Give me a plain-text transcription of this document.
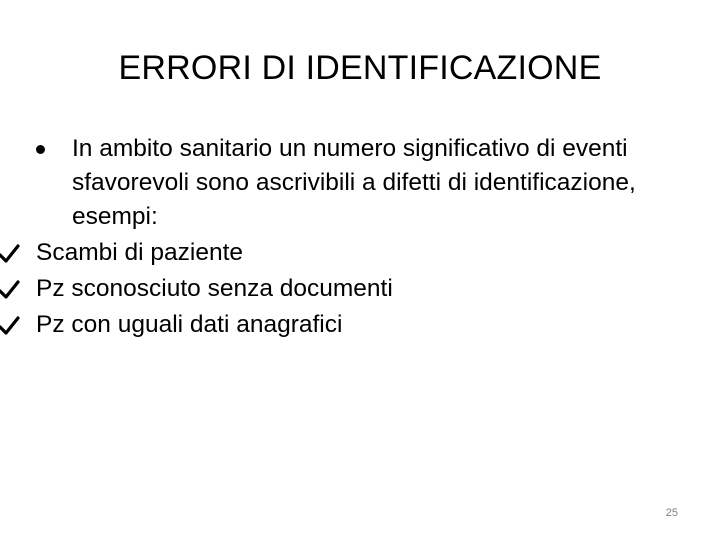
ERRORI DI IDENTIFICAZIONE
In ambito sanitario un numero significativo di eventi sfavorevoli sono ascrivibili a difetti di identificazione, esempi:
Scambi di paziente
Pz sconosciuto senza documenti
Pz con uguali dati anagrafici
25
